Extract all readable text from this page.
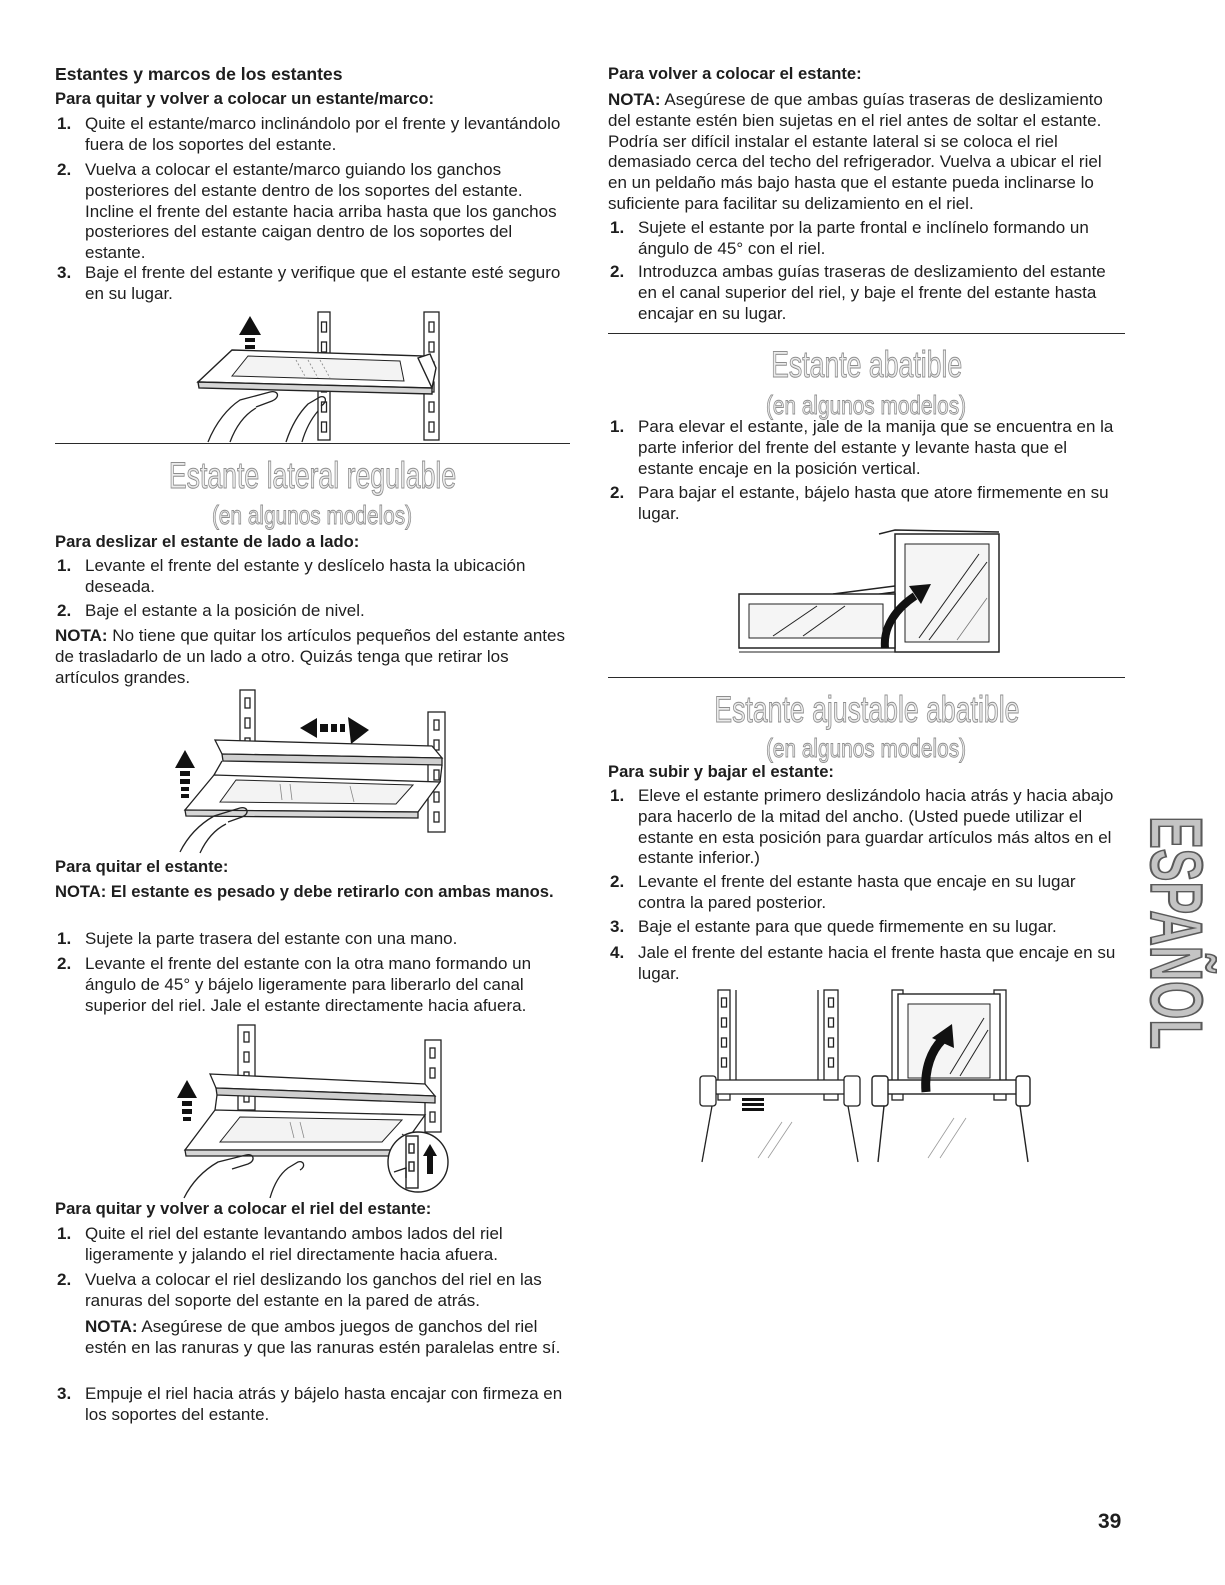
Estantes y marcos de los estantes
Para quitar y volver a colocar un estante/marco:
1. Quite el estante/marco inclinándolo por el frente y levantándolo fuera de los soportes del estante.
2. Vuelva a colocar el estante/marco guiando los ganchos posteriores del estante dentro de los soportes del estante. Incline el frente del estante hacia arriba hasta que los ganchos posteriores del estante caigan dentro de los soportes del estante.
3. Baje el frente del estante y verifique que el estante esté seguro en su lugar.
Estante lateral regulable
(en algunos modelos)
Para deslizar el estante de lado a lado:
1. Levante el frente del estante y deslícelo hasta la ubicación deseada.
2. Baje el estante a la posición de nivel.
NOTA: No tiene que quitar los artículos pequeños del estante antes de trasladarlo de un lado a otro. Quizás tenga que retirar los artículos grandes.
Para quitar el estante:
NOTA: El estante es pesado y debe retirarlo con ambas manos.
1. Sujete la parte trasera del estante con una mano.
2. Levante el frente del estante con la otra mano formando un ángulo de 45° y bájelo ligeramente para liberarlo del canal superior del riel. Jale el estante directamente hacia afuera.
Para quitar y volver a colocar el riel del estante:
1. Quite el riel del estante levantando ambos lados del riel ligeramente y jalando el riel directamente hacia afuera.
2. Vuelva a colocar el riel deslizando los ganchos del riel en las ranuras del soporte del estante en la pared de atrás.
NOTA: Asegúrese de que ambos juegos de ganchos del riel estén en las ranuras y que las ranuras estén paralelas entre sí.
3. Empuje el riel hacia atrás y bájelo hasta encajar con firmeza en los soportes del estante.
Para volver a colocar el estante:
NOTA: Asegúrese de que ambas guías traseras de deslizamiento del estante estén bien sujetas en el riel antes de soltar el estante. Podría ser difícil instalar el estante lateral si se coloca el riel demasiado cerca del techo del refrigerador. Vuelva a ubicar el riel en un peldaño más bajo hasta que el estante pueda inclinarse lo suficiente para facilitar su delizamiento en el riel.
1. Sujete el estante por la parte frontal e inclínelo formando un ángulo de 45° con el riel.
2. Introduzca ambas guías traseras de deslizamiento del estante en el canal superior del riel, y baje el frente del estante hasta encajar en su lugar.
Estante abatible
(en algunos modelos)
1. Para elevar el estante, jale de la manija que se encuentra en la parte inferior del frente del estante y levante hasta que el estante encaje en la posición vertical.
2. Para bajar el estante, bájelo hasta que atore firmemente en su lugar.
Estante ajustable abatible
(en algunos modelos)
Para subir y bajar el estante:
1. Eleve el estante primero deslizándolo hacia atrás y hacia abajo para hacerlo de la mitad del ancho. (Usted puede utilizar el estante en esta posición para guardar artículos más altos en el estante inferior.)
2. Levante el frente del estante hasta que encaje en su lugar contra la pared posterior.
3. Baje el estante para que quede firmemente en su lugar.
4. Jale el frente del estante hacia el frente hasta que encaje en su lugar.	ESPAÑOL
39
